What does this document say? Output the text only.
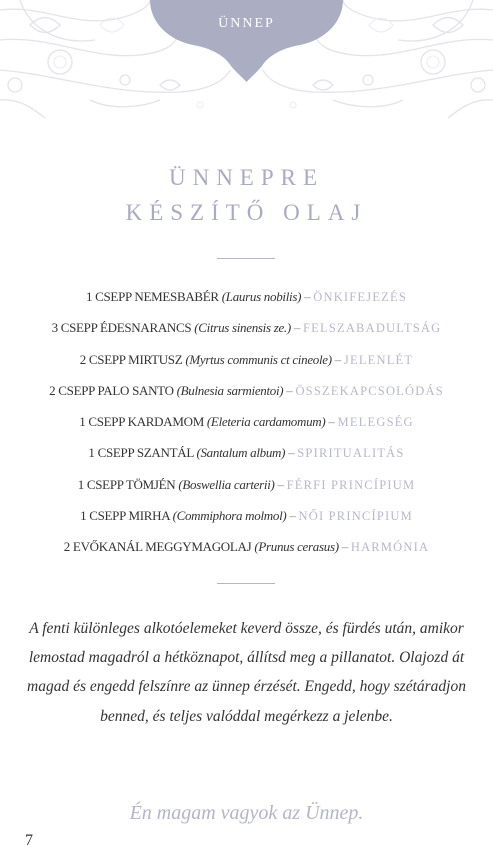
ÜNNEP
ÜNNEPRE
KÉSZÍTŐ OLAJ
1 CSEPP NEMESBABÉR (Laurus nobilis) – ÖNKIFEJEZÉS
3 CSEPP ÉDESNARANCS (Citrus sinensis ze.) – FELSZABADULTSÁG
2 CSEPP MIRTUSZ (Myrtus communis ct cineole) – JELENLÉT
2 CSEPP PALO SANTO (Bulnesia sarmientoi) – ÖSSZEKAPCSOLÓDÁS
1 CSEPP KARDAMOM (Eleteria cardamomum) – MELEGSÉG
1 CSEPP SZANTÁL (Santalum album) – SPIRITUALITÁS
1 CSEPP TÖMJÉN (Boswellia carterii) – FÉRFI PRINCÍPIUM
1 CSEPP MIRHA (Commiphora molmol) – NŐI PRINCÍPIUM
2 EVŐKANÁL MEGGYMAGOLAJ (Prunus cerasus) – HARMÓNIA
A fenti különleges alkotóelemeket keverd össze, és fürdés után, amikor lemostad magadról a hétköznapot, állítsd meg a pillanatot. Olajozd át magad és engedd felszínre az ünnep érzését. Engedd, hogy szétáradjon benned, és teljes valóddal megérkezz a jelenbe.
Én magam vagyok az Ünnep.
7
